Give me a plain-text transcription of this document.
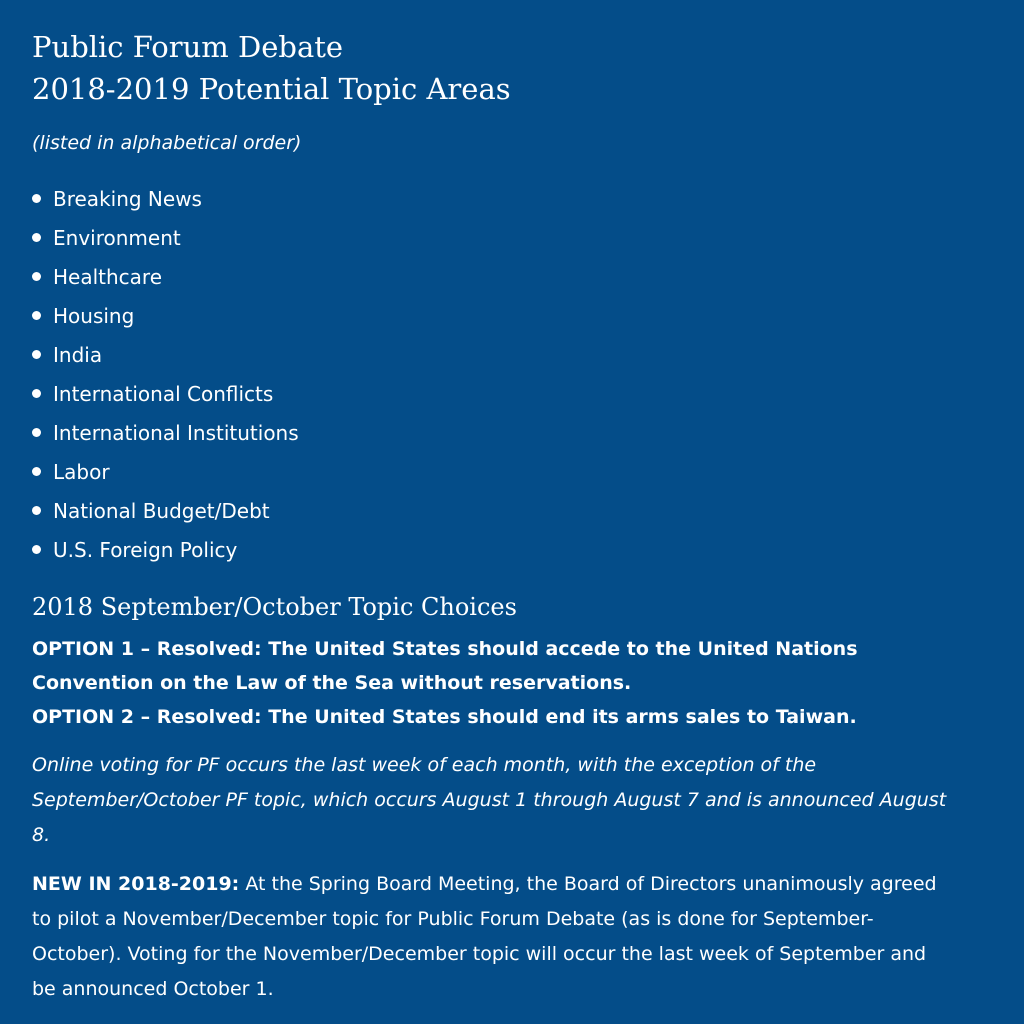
Public Forum Debate
2018-2019 Potential Topic Areas
(listed in alphabetical order)
Breaking News
Environment
Healthcare
Housing
India
International Conflicts
International Institutions
Labor
National Budget/Debt
U.S. Foreign Policy
2018 September/October Topic Choices
OPTION 1 – Resolved: The United States should accede to the United Nations
Convention on the Law of the Sea without reservations.
OPTION 2 – Resolved: The United States should end its arms sales to Taiwan.

Online voting for PF occurs the last week of each month, with the exception of the September/October PF topic, which occurs August 1 through August 7 and is announced August 8.

NEW IN 2018-2019: At the Spring Board Meeting, the Board of Directors unanimously agreed to pilot a November/December topic for Public Forum Debate (as is done for September-October). Voting for the November/December topic will occur the last week of September and be announced October 1.
